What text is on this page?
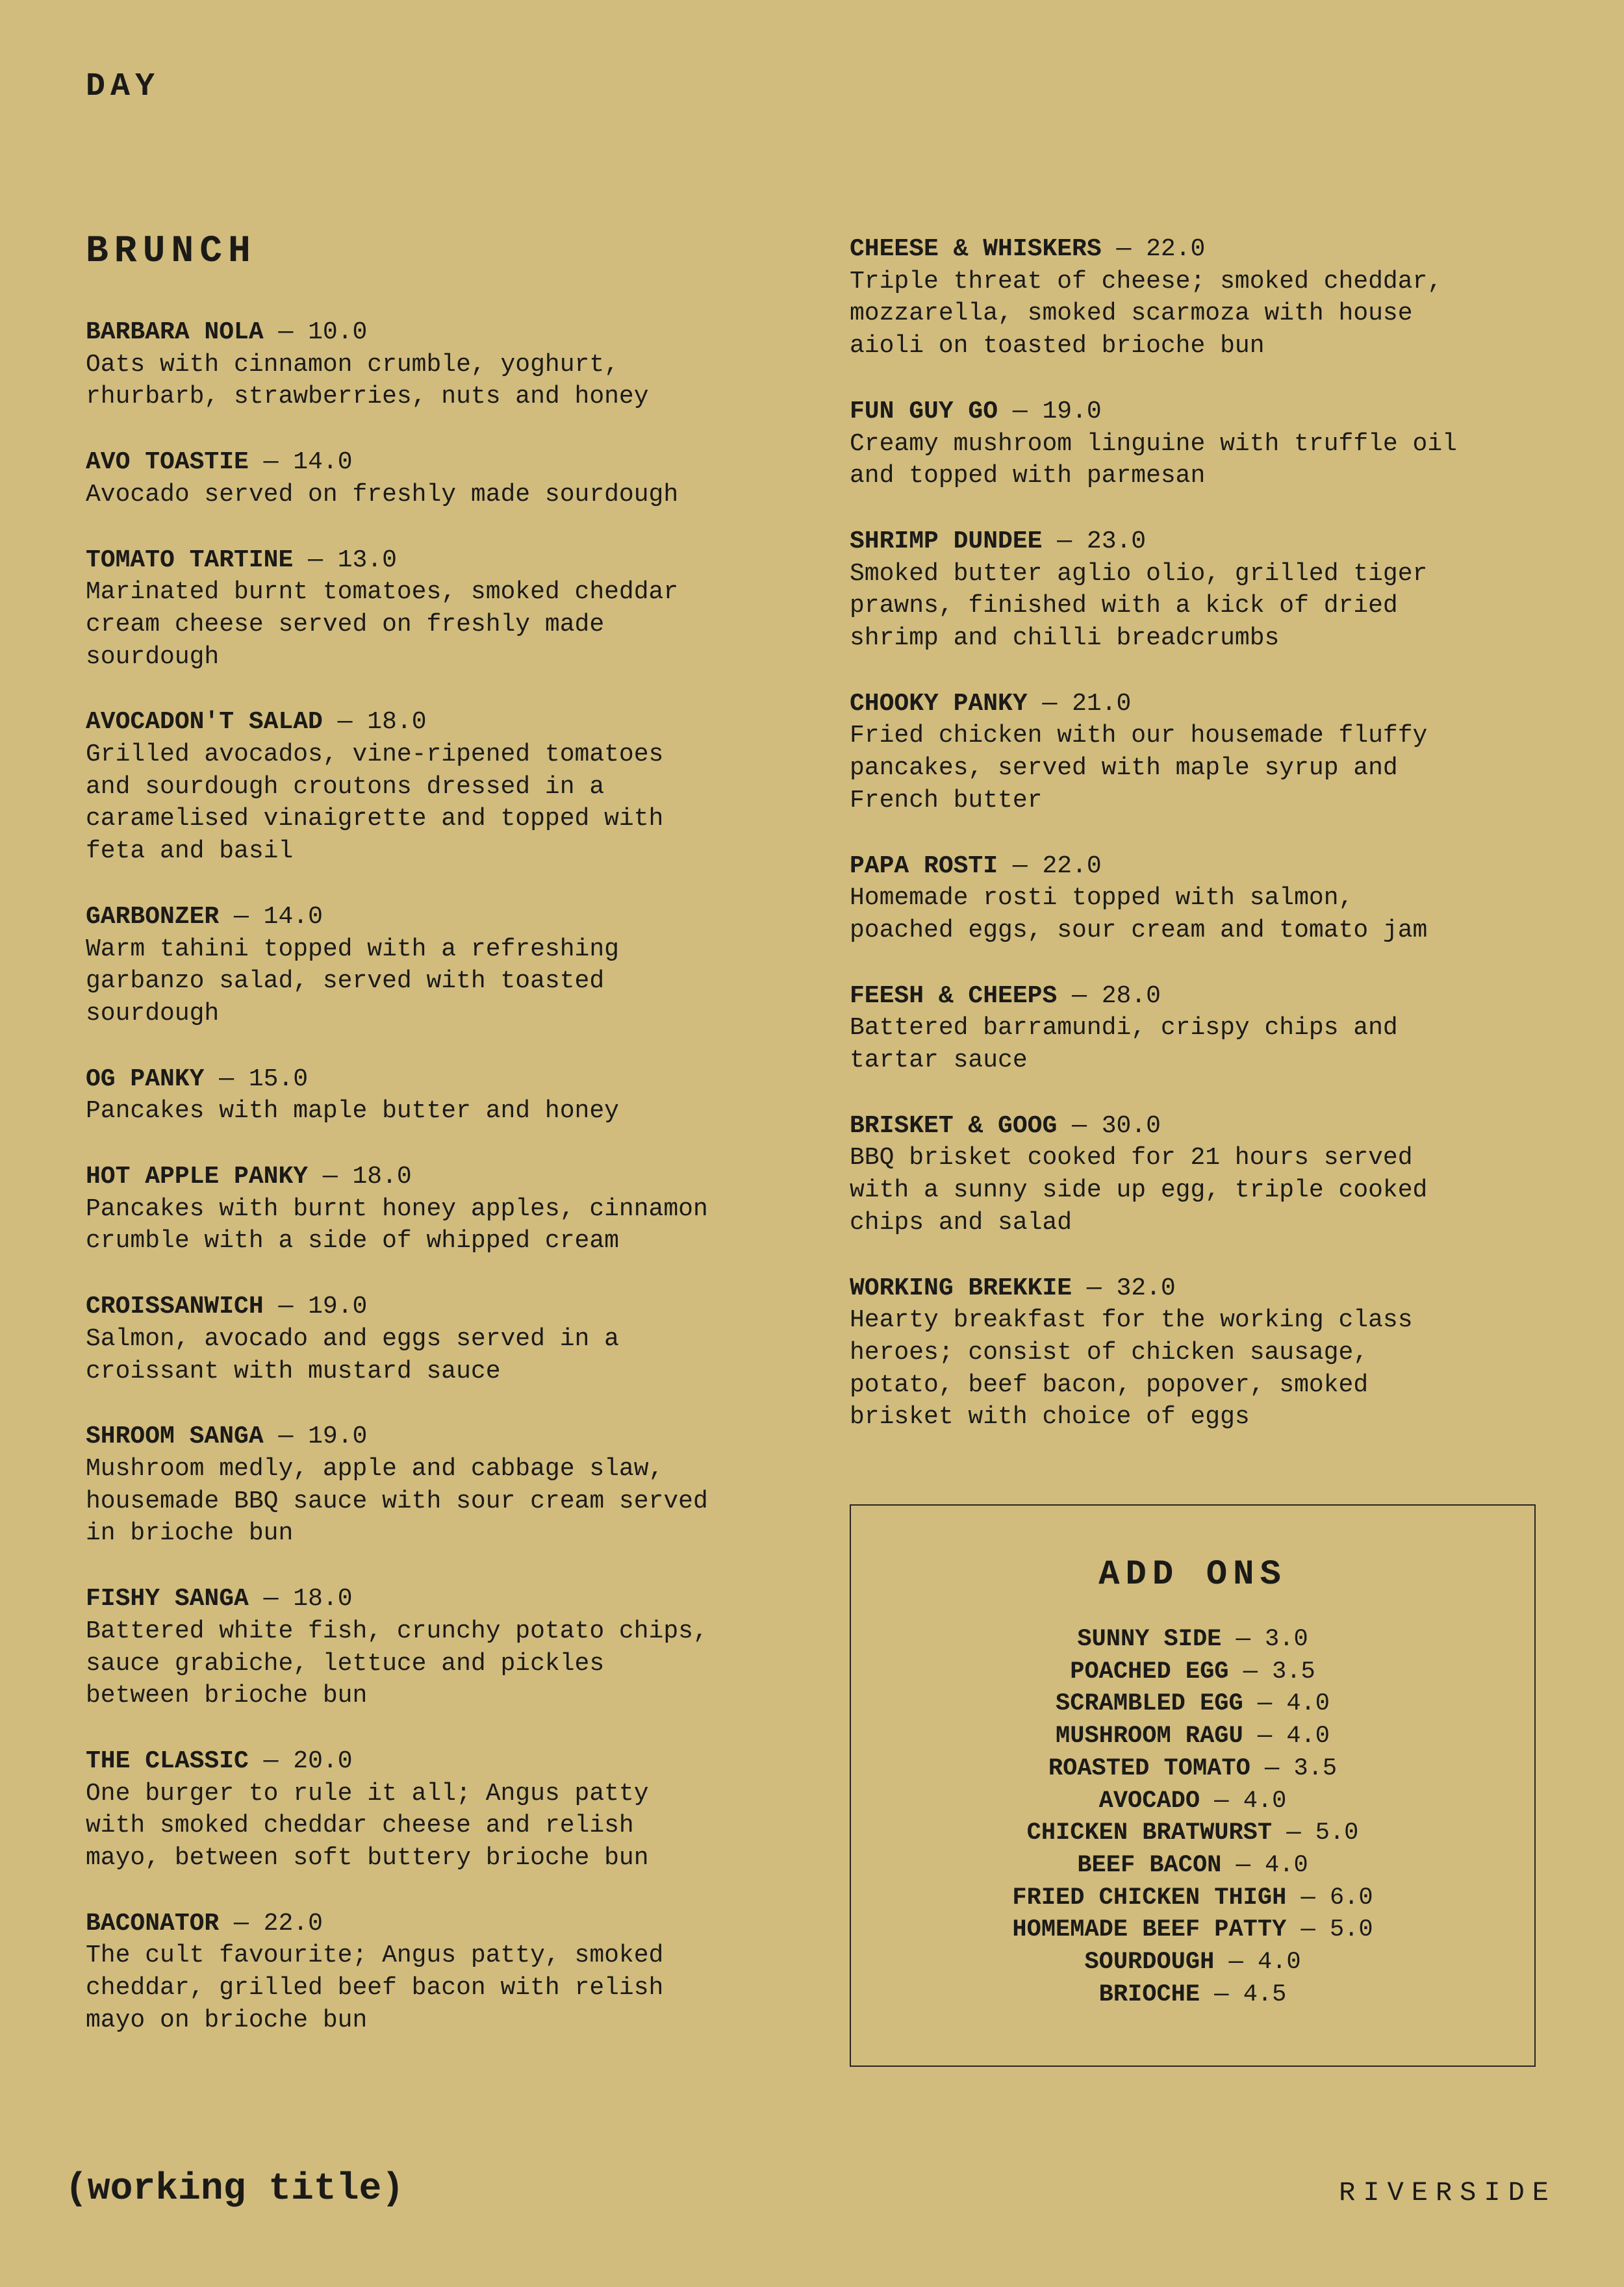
DAY
BRUNCH
BARBARA NOLA — 10.0
Oats with cinnamon crumble, yoghurt,
rhurbarb, strawberries, nuts and honey
AVO TOASTIE — 14.0
Avocado served on freshly made sourdough
TOMATO TARTINE — 13.0
Marinated burnt tomatoes, smoked cheddar
cream cheese served on freshly made
sourdough
AVOCADON'T SALAD — 18.0
Grilled avocados, vine-ripened tomatoes
and sourdough croutons dressed in a
caramelised vinaigrette and topped with
feta and basil
GARBONZER — 14.0
Warm tahini topped with a refreshing
garbanzo salad, served with toasted
sourdough
OG PANKY — 15.0
Pancakes with maple butter and honey
HOT APPLE PANKY — 18.0
Pancakes with burnt honey apples, cinnamon
crumble with a side of whipped cream
CROISSANWICH — 19.0
Salmon, avocado and eggs served in a
croissant with mustard sauce
SHROOM SANGA — 19.0
Mushroom medly, apple and cabbage slaw,
housemade BBQ sauce with sour cream served
in brioche bun
FISHY SANGA — 18.0
Battered white fish, crunchy potato chips,
sauce grabiche, lettuce and pickles
between brioche bun
THE CLASSIC — 20.0
One burger to rule it all; Angus patty
with smoked cheddar cheese and relish
mayo, between soft buttery brioche bun
BACONATOR — 22.0
The cult favourite; Angus patty, smoked
cheddar, grilled beef bacon with relish
mayo on brioche bun
CHEESE & WHISKERS — 22.0
Triple threat of cheese; smoked cheddar,
mozzarella, smoked scarmoza with house
aioli on toasted brioche bun
FUN GUY GO — 19.0
Creamy mushroom linguine with truffle oil
and topped with parmesan
SHRIMP DUNDEE — 23.0
Smoked butter aglio olio, grilled tiger
prawns, finished with a kick of dried
shrimp and chilli breadcrumbs
CHOOKY PANKY — 21.0
Fried chicken with our housemade fluffy
pancakes, served with maple syrup and
French butter
PAPA ROSTI — 22.0
Homemade rosti topped with salmon,
poached eggs, sour cream and tomato jam
FEESH & CHEEPS — 28.0
Battered barramundi, crispy chips and
tartar sauce
BRISKET & GOOG — 30.0
BBQ brisket cooked for 21 hours served
with a sunny side up egg, triple cooked
chips and salad
WORKING BREKKIE — 32.0
Hearty breakfast for the working class
heroes; consist of chicken sausage,
potato, beef bacon, popover, smoked
brisket with choice of eggs
ADD ONS
SUNNY SIDE — 3.0
POACHED EGG — 3.5
SCRAMBLED EGG — 4.0
MUSHROOM RAGU — 4.0
ROASTED TOMATO — 3.5
AVOCADO — 4.0
CHICKEN BRATWURST — 5.0
BEEF BACON — 4.0
FRIED CHICKEN THIGH — 6.0
HOMEMADE BEEF PATTY — 5.0
SOURDOUGH — 4.0
BRIOCHE — 4.5
(working title)	RIVERSIDE
